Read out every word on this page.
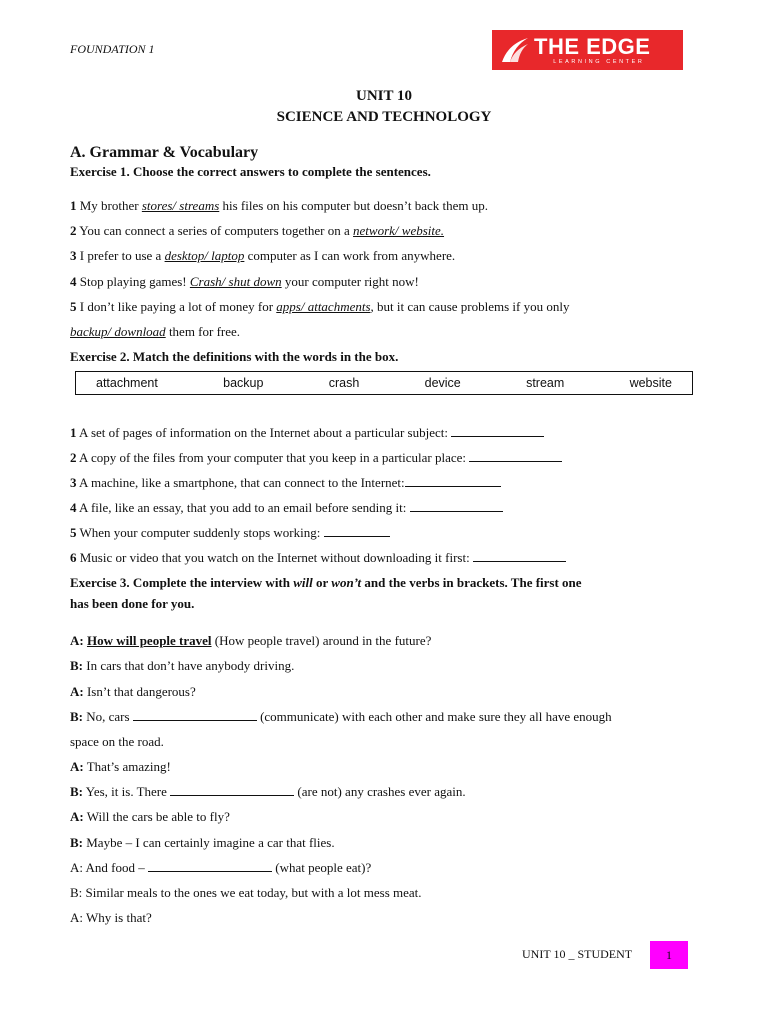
FOUNDATION 1	THE EDGE
LEARNING CENTER
UNIT 10
SCIENCE AND TECHNOLOGY
A. Grammar & Vocabulary
Exercise 1. Choose the correct answers to complete the sentences.
1 My brother stores/ streams his files on his computer but doesn’t back them up.
2 You can connect a series of computers together on a network/ website.
3 I prefer to use a desktop/ laptop computer as I can work from anywhere.
4 Stop playing games! Crash/ shut down your computer right now!
5 I don’t like paying a lot of money for apps/ attachments, but it can cause problems if you only
backup/ download them for free.
Exercise 2. Match the definitions with the words in the box.
attachment	backup	crash	device	stream	website
1 A set of pages of information on the Internet about a particular subject:
2 A copy of the files from your computer that you keep in a particular place:
3 A machine, like a smartphone, that can connect to the Internet:
4 A file, like an essay, that you add to an email before sending it:
5 When your computer suddenly stops working:
6 Music or video that you watch on the Internet without downloading it first:
Exercise 3. Complete the interview with will or won’t and the verbs in brackets. The first one
has been done for you.
A: How will people travel (How people travel) around in the future?
B: In cars that don’t have anybody driving.
A: Isn’t that dangerous?
B: No, cars	(communicate) with each other and make sure they all have enough
space on the road.
A: That’s amazing!
B: Yes, it is. There	(are not) any crashes ever again.
A: Will the cars be able to fly?
B: Maybe – I can certainly imagine a car that flies.
A: And food –	(what people eat)?
B: Similar meals to the ones we eat today, but with a lot mess meat.
A: Why is that?
UNIT 10 _ STUDENT	1
